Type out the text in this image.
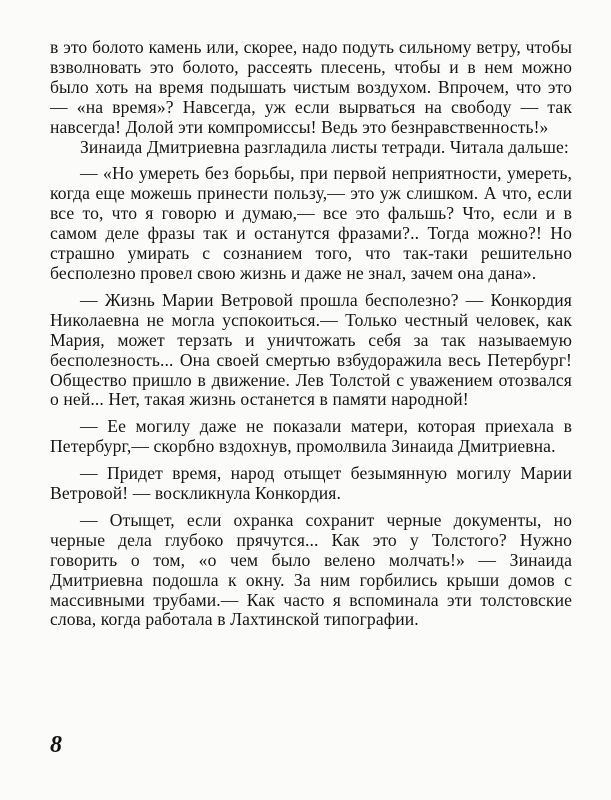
в это болото камень или, скорее, надо подуть сильному ветру, чтобы взволновать это болото, рассеять плесень, чтобы и в нем можно было хоть на время подышать чистым воздухом. Впрочем, что это — «на время»? Навсегда, уж если вырваться на свободу — так навсегда! Долой эти компромиссы! Ведь это безнравственность!»

Зинаида Дмитриевна разгладила листы тетради. Читала дальше:

— «Но умереть без борьбы, при первой неприятности, умереть, когда еще можешь принести пользу,— это уж слишком. А что, если все то, что я говорю и думаю,— все это фальшь? Что, если и в самом деле фразы так и останутся фразами?.. Тогда можно?! Но страшно умирать с сознанием того, что так-таки решительно бесполезно провел свою жизнь и даже не знал, зачем она дана».

— Жизнь Марии Ветровой прошла бесполезно? — Конкордия Николаевна не могла успокоиться.— Только честный человек, как Мария, может терзать и уничтожать себя за так называемую бесполезность... Она своей смертью взбудоражила весь Петербург! Общество пришло в движение. Лев Толстой с уважением отозвался о ней... Нет, такая жизнь останется в памяти народной!

— Ее могилу даже не показали матери, которая приехала в Петербург,— скорбно вздохнув, промолвила Зинаида Дмитриевна.

— Придет время, народ отыщет безымянную могилу Марии Ветровой! — воскликнула Конкордия.

— Отыщет, если охранка сохранит черные документы, но черные дела глубоко прячутся... Как это у Толстого? Нужно говорить о том, «о чем было велено молчать!» — Зинаида Дмитриевна подошла к окну. За ним горбились крыши домов с массивными трубами.— Как часто я вспоминала эти толстовские слова, когда работала в Лахтинской типографии.

8
